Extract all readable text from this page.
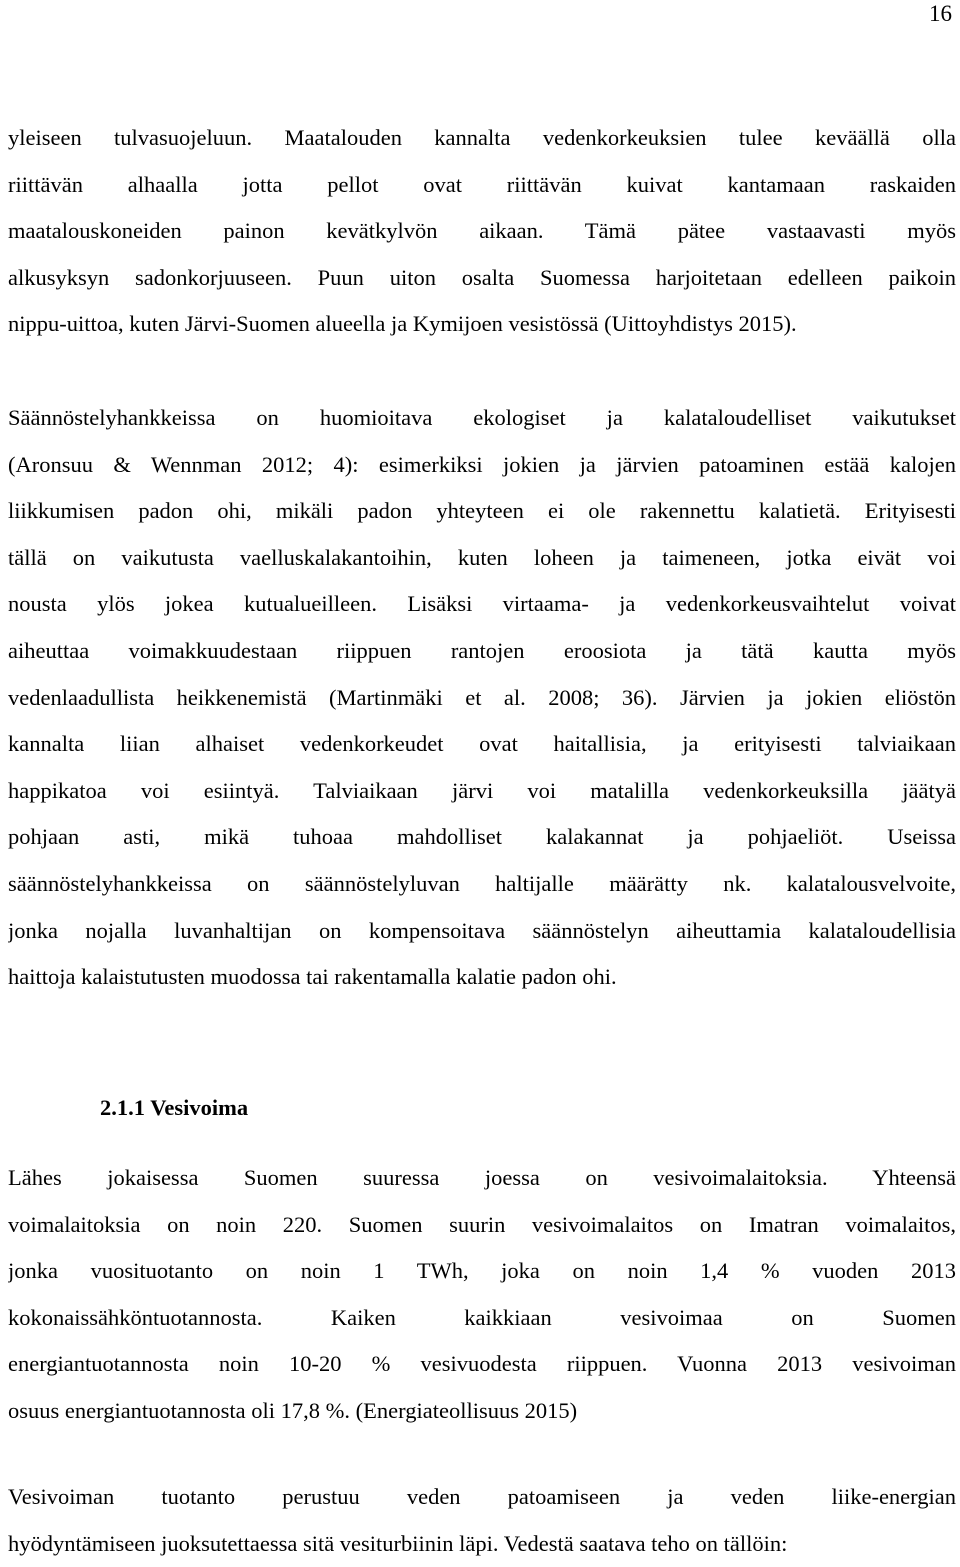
16
yleiseen tulvasuojeluun. Maatalouden kannalta vedenkorkeuksien tulee keväällä olla
riittävän alhaalla jotta pellot ovat riittävän kuivat kantamaan raskaiden
maatalouskoneiden painon kevätkylvön aikaan. Tämä pätee vastaavasti myös
alkusyksyn sadonkorjuuseen. Puun uiton osalta Suomessa harjoitetaan edelleen paikoin
nippu-uittoa, kuten Järvi-Suomen alueella ja Kymijoen vesistössä (Uittoyhdistys 2015).
Säännöstelyhankkeissa on huomioitava ekologiset ja kalataloudelliset vaikutukset
(Aronsuu & Wennman 2012; 4): esimerkiksi jokien ja järvien patoaminen estää kalojen
liikkumisen padon ohi, mikäli padon yhteyteen ei ole rakennettu kalatietä. Erityisesti
tällä on vaikutusta vaelluskalakantoihin, kuten loheen ja taimeneen, jotka eivät voi
nousta ylös jokea kutualueilleen. Lisäksi virtaama- ja vedenkorkeusvaihtelut voivat
aiheuttaa voimakkuudestaan riippuen rantojen eroosiota ja tätä kautta myös
vedenlaadullista heikkenemistä (Martinmäki et al. 2008; 36). Järvien ja jokien eliöstön
kannalta liian alhaiset vedenkorkeudet ovat haitallisia, ja erityisesti talviaikaan
happikatoa voi esiintyä. Talviaikaan järvi voi matalilla vedenkorkeuksilla jäätyä
pohjaan asti, mikä tuhoaa mahdolliset kalakannat ja pohjaeliöt. Useissa
säännöstelyhankkeissa on säännöstelyluvan haltijalle määrätty nk. kalatalousvelvoite,
jonka nojalla luvanhaltijan on kompensoitava säännöstelyn aiheuttamia kalataloudellisia
haittoja kalaistutusten muodossa tai rakentamalla kalatie padon ohi.
2.1.1 Vesivoima
Lähes jokaisessa Suomen suuressa joessa on vesivoimalaitoksia. Yhteensä
voimalaitoksia on noin 220. Suomen suurin vesivoimalaitos on Imatran voimalaitos,
jonka vuosituotanto on noin 1 TWh, joka on noin 1,4 % vuoden 2013
kokonaissähköntuotannosta. Kaiken kaikkiaan vesivoimaa on Suomen
energiantuotannosta noin 10-20 % vesivuodesta riippuen. Vuonna 2013 vesivoiman
osuus energiantuotannosta oli 17,8 %. (Energiateollisuus 2015)
Vesivoiman tuotanto perustuu veden patoamiseen ja veden liike-energian
hyödyntämiseen juoksutettaessa sitä vesiturbiinin läpi. Vedestä saatava teho on tällöin:
